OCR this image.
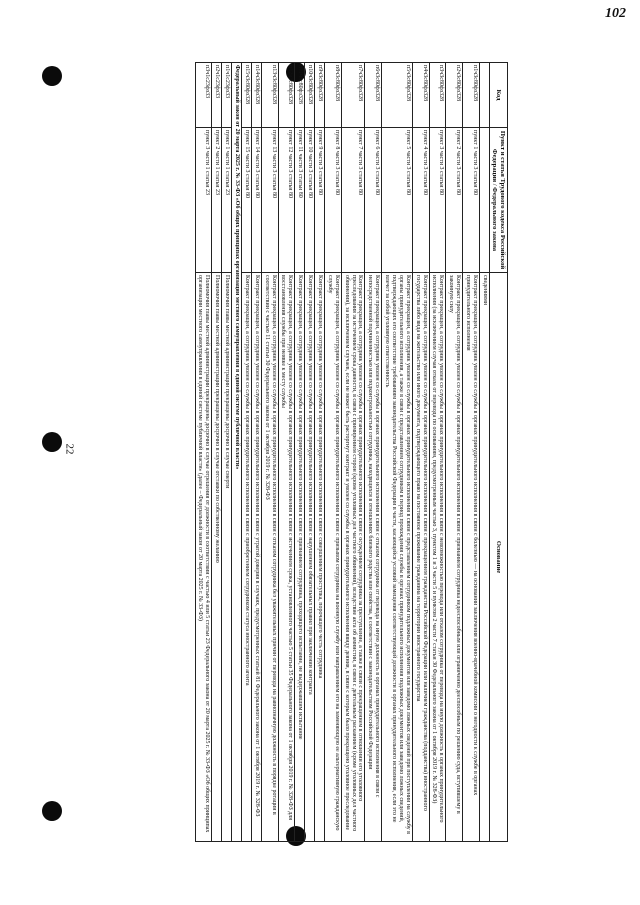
102
22
Код	Пункт и статья Трудового кодекса Российской Федерации / Федерального закона	Основание
		сведениями
п1ч3с80фз328	пункт 1 части 3 статьи 80	Контракт прекращен, а сотрудник уволен со службы в органах принудительного исполнения в связи с болезнью — на основании заключения военно-врачебной комиссии о негодности к службе в органах принудительного исполнения
п2ч3с80фз328	пункт 2 части 3 статьи 80	Контракт прекращен, а сотрудник уволен со службы в органах принудительного исполнения в связи с признанием сотрудника недееспособным или ограниченно дееспособным по решению суда, вступившему в законную силу
п3ч3с80фз328	пункт 3 части 3 статьи 80	Контракт прекращен, а сотрудник уволен со службы в органах принудительного исполнения в связи с невозможностью перевода или отказом сотрудника от перевода на иную должность в органах принудительного исполнения (за исключением случая отказа от перевода по основаниям, предусмотренным частью 3, пунктом 1 и 3 части 5 и пунктом 2 части 7 статьи 30 Федерального закона от 1 октября 2019 г. № 328-ФЗ)
п4ч3с80фз328	пункт 4 части 3 статьи 80	Контракт прекращен, а сотрудник уволен со службы в органах принудительного исполнения в связи с прекращением гражданства Российской Федерации или наличием гражданства (подданства) иностранного государства либо вида на жительство или иного документа, подтверждающего право на постоянное проживание гражданина на территории иностранного государства
п5ч3с80фз328	пункт 5 части 3 статьи 80	Контракт прекращен, а сотрудник уволен со службы в органах принудительного исполнения в связи с представлением сотрудником подложных документов или заведомо ложных сведений при поступлении на службу в органы принудительного исполнения, а также в связи с представлением сотрудником в период прохождения службы в органах принудительного исполнения подложных документов или заведомо ложных сведений, подтверждающих его соответствие требованиям законодательства Российской Федерации в части, касающейся условий замещения соответствующей должности в органах принудительного исполнения, если это не влечет за собой уголовную ответственность
п6ч3с80фз328	пункт 6 части 3 статьи 80	Контракт прекращен, а сотрудник уволен со службы в органах принудительного исполнения в связи с отказом сотрудника от перевода на иную должность в органах принудительного исполнения в связи с непосредственной подчиненностью или подконтрольностью сотрудника, находящихся в отношениях близкого родства или свойства, в соответствии с законодательством Российской Федерации
п7ч3с80фз328	пункт 7 части 3 статьи 80	Контракт прекращен, а сотрудник уволен со службы в органах принудительного исполнения в связи с осуждением сотрудника за преступление, а также в связи с прекращением в отношении его уголовного преследования за истечением срока давности, в связи с примирением сторон (кроме уголовных дел частного обвинения), вследствие акта об амнистии, в связи с деятельным раскаянием (кроме уголовных дел частного обвинения), за исключением случаев, если не может быть расторгнут контракт и уволен со службы в органах принудительного исполнения ввиду деяния, в связи с которым было прекращено уголовное преследование
п8ч3с80фз328	пункт 8 части 3 статьи 80	Контракт прекращен, а сотрудник уволен со службы в органах принудительного исполнения в связи с призывом сотрудника на военную службу или направлением его на заменяющую ее альтернативную гражданскую службу
п9ч3с80фз328	пункт 9 части 3 статьи 80	Контракт прекращен, а сотрудник уволен со службы в органах принудительного исполнения в связи с совершением проступка, порочащего честь сотрудника
п10ч3с80фз328	пункт 10 части 3 статьи 80	Контракт прекращен, а сотрудник уволен со службы в органах принудительного исполнения в связи с нарушением обязательных правил при заключении контракта
п11ч3с80фз328	пункт 11 части 3 статьи 80	Контракт прекращен, а сотрудник уволен со службы в органах принудительного исполнения в связи с признанием сотрудника, проходящего испытание, не выдержавшим испытание
п12ч3с80фз328	пункт 12 части 3 статьи 80	Контракт прекращен, а сотрудник уволен со службы в органах принудительного исполнения в связи с истечением срока, установленного частью 5 статьи 35 Федерального закона от 1 октября 2019 г. № 328-ФЗ для восстановления службы при неявке к месту службы
п13ч3с80фз328	пункт 13 части 3 статьи 80	Контракт прекращен, а сотрудник уволен со службы в органах принудительного исполнения в связи с отказом сотрудника без уважительных причин от перевода на равнозначную должность в порядке ротации в соответствии с частью 11 статьи 30 Федерального закона от 1 октября 2019 г. № 328-ФЗ
п14ч3с80фз328	пункт 14 части 3 статьи 80	Контракт прекращен, а сотрудник уволен со службы в органах принудительного исполнения в связи с утратой доверия в случаях, предусмотренных статьей 81 Федерального закона от 1 октября 2019 г. № 328-ФЗ
п15ч3с80фз328	пункт 15 части 3 статьи 80	Контракт прекращен, а сотрудник уволен со службы в органах принудительного исполнения в связи с приобретением сотрудником статуса иностранного агента
Федеральный закон от 20 марта 2025 г. № 33-ФЗ «Об общих принципах организации местного самоуправления в единой системе публичной власти»		
п1ч1с23фз33	пункт 1 части 1 статьи 23	Полномочия главы местной администрации прекращены досрочно в случае смерти
п2ч1с23фз33	пункт 2 части 1 статьи 23	Полномочия главы местной администрации прекращены досрочно в случае отставки по собственному желанию
п3ч1с23фз33	пункт 3 части 1 статьи 23	Полномочия главы местной администрации прекращены досрочно в случае отрешения от должности в соответствии с частью 4 или 5 статьи 23 Федерального закона от 20 марта 2025 г. № 33-ФЗ «Об общих принципах организации местного самоуправления в единой системе публичной власти» (далее – Федеральный закон от 20 марта 2025 г. № 33-ФЗ)
